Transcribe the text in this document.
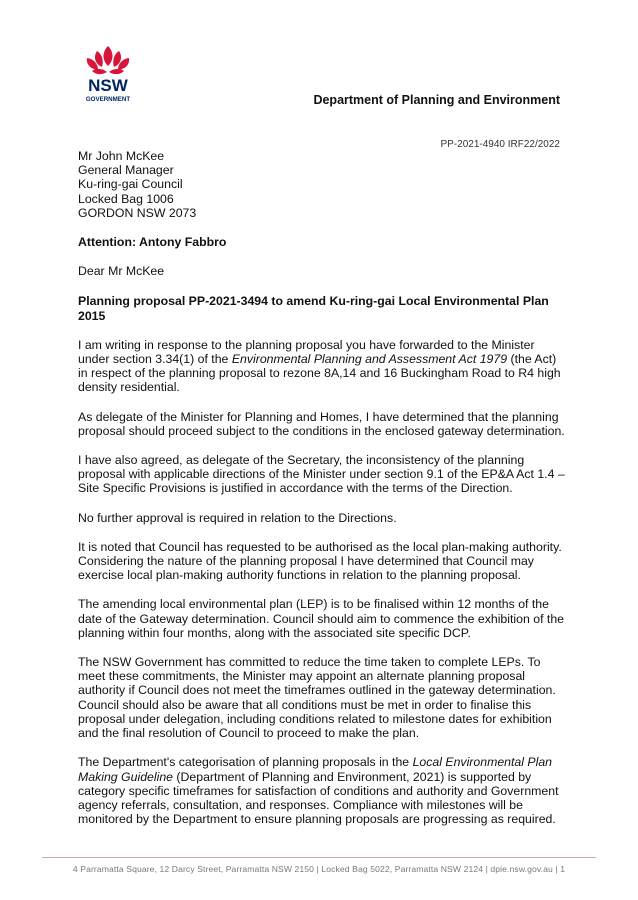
NSW
GOVERNMENT	Department of Planning and Environment
PP-2021-4940 IRF22/2022
Mr John McKee
General Manager
Ku-ring-gai Council
Locked Bag 1006
GORDON NSW 2073
Attention: Antony Fabbro
Dear Mr McKee
Planning proposal PP-2021-3494 to amend Ku-ring-gai Local Environmental Plan 2015

I am writing in response to the planning proposal you have forwarded to the Minister under section 3.34(1) of the Environmental Planning and Assessment Act 1979 (the Act) in respect of the planning proposal to rezone 8A,14 and 16 Buckingham Road to R4 high density residential.

As delegate of the Minister for Planning and Homes, I have determined that the planning proposal should proceed subject to the conditions in the enclosed gateway determination.

I have also agreed, as delegate of the Secretary, the inconsistency of the planning proposal with applicable directions of the Minister under section 9.1 of the EP&A Act 1.4 – Site Specific Provisions is justified in accordance with the terms of the Direction.

No further approval is required in relation to the Directions.

It is noted that Council has requested to be authorised as the local plan-making authority. Considering the nature of the planning proposal I have determined that Council may exercise local plan-making authority functions in relation to the planning proposal.

The amending local environmental plan (LEP) is to be finalised within 12 months of the date of the Gateway determination. Council should aim to commence the exhibition of the planning within four months, along with the associated site specific DCP.

The NSW Government has committed to reduce the time taken to complete LEPs. To meet these commitments, the Minister may appoint an alternate planning proposal authority if Council does not meet the timeframes outlined in the gateway determination. Council should also be aware that all conditions must be met in order to finalise this proposal under delegation, including conditions related to milestone dates for exhibition and the final resolution of Council to proceed to make the plan.

The Department's categorisation of planning proposals in the Local Environmental Plan Making Guideline (Department of Planning and Environment, 2021) is supported by category specific timeframes for satisfaction of conditions and authority and Government agency referrals, consultation, and responses. Compliance with milestones will be monitored by the Department to ensure planning proposals are progressing as required.

4 Parramatta Square, 12 Darcy Street, Parramatta NSW 2150 | Locked Bag 5022, Parramatta NSW 2124 | dpie.nsw.gov.au | 1
